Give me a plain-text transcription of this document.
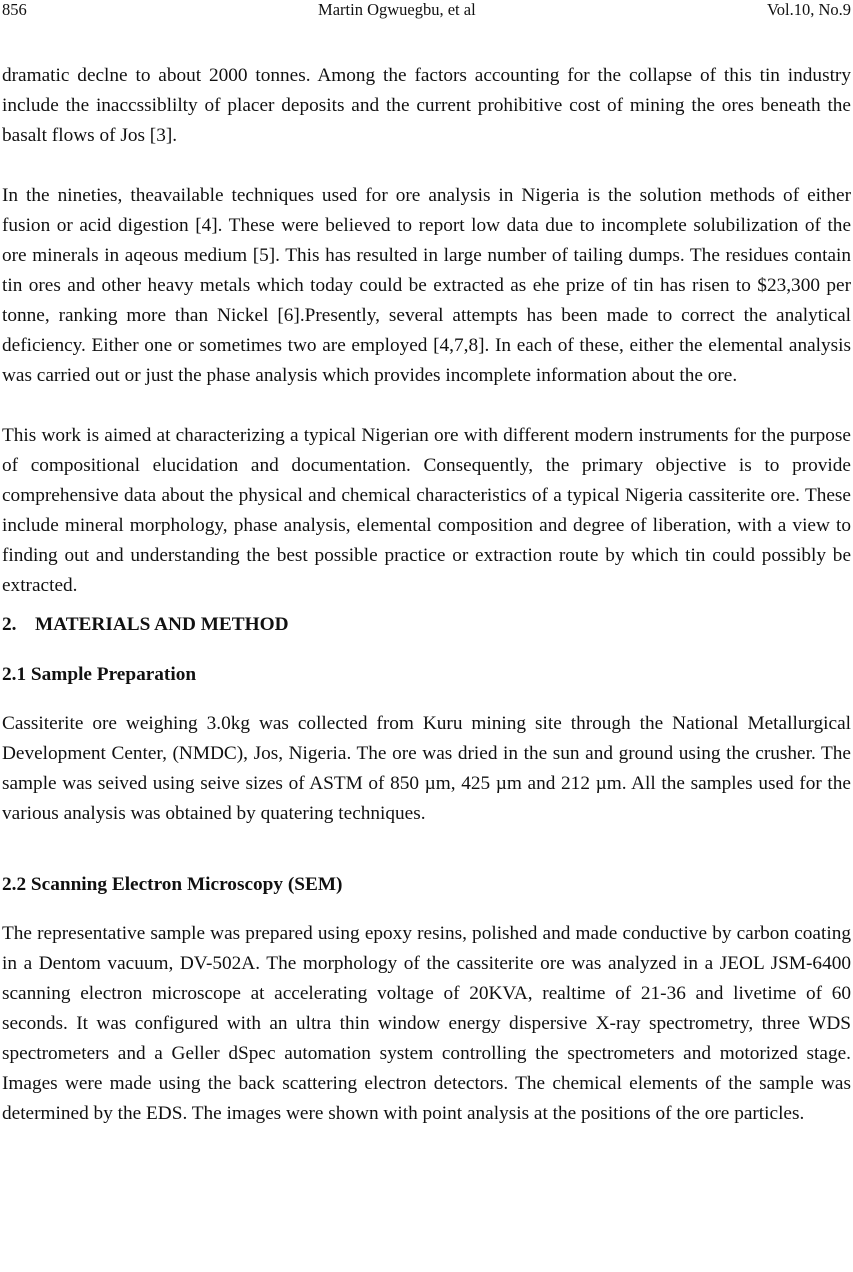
856	Martin Ogwuegbu, et al	Vol.10, No.9

dramatic declne to about 2000 tonnes. Among the factors accounting for the collapse of this tin industry include the inaccssiblilty of placer deposits and the current prohibitive cost of mining the ores beneath the basalt flows of Jos [3].

In the nineties, theavailable techniques used for ore analysis in Nigeria is the solution methods of either fusion or acid digestion [4]. These were believed to report low data due to incomplete solubilization of the ore minerals in aqeous medium [5]. This has resulted in large number of tailing dumps. The residues contain tin ores and other heavy metals which today could be extracted as ehe prize of tin has risen to $23,300 per tonne, ranking more than Nickel [6].Presently, several attempts has been made to correct the analytical deficiency. Either one or sometimes two are employed [4,7,8]. In each of these, either the elemental analysis was carried out or just the phase analysis which provides incomplete information about the ore.

This work is aimed at characterizing a typical Nigerian ore with different modern instruments for the purpose of compositional elucidation and documentation. Consequently, the primary objective is to provide comprehensive data about the physical and chemical characteristics of a typical Nigeria cassiterite ore. These include mineral morphology, phase analysis, elemental composition and degree of liberation, with a view to finding out and understanding the best possible practice or extraction route by which tin could possibly be extracted.

2. MATERIALS AND METHOD

2.1 Sample Preparation

Cassiterite ore weighing 3.0kg was collected from Kuru mining site through the National Metallurgical Development Center, (NMDC), Jos, Nigeria. The ore was dried in the sun and ground using the crusher. The sample was seived using seive sizes of ASTM of 850 µm, 425 µm and 212 µm. All the samples used for the various analysis was obtained by quatering techniques.

2.2 Scanning Electron Microscopy (SEM)

The representative sample was prepared using epoxy resins, polished and made conductive by carbon coating in a Dentom vacuum, DV-502A. The morphology of the cassiterite ore was analyzed in a JEOL JSM-6400 scanning electron microscope at accelerating voltage of 20KVA, realtime of 21-36 and livetime of 60 seconds. It was configured with an ultra thin window energy dispersive X-ray spectrometry, three WDS spectrometers and a Geller dSpec automation system controlling the spectrometers and motorized stage. Images were made using the back scattering electron detectors. The chemical elements of the sample was determined by the EDS. The images were shown with point analysis at the positions of the ore particles.
